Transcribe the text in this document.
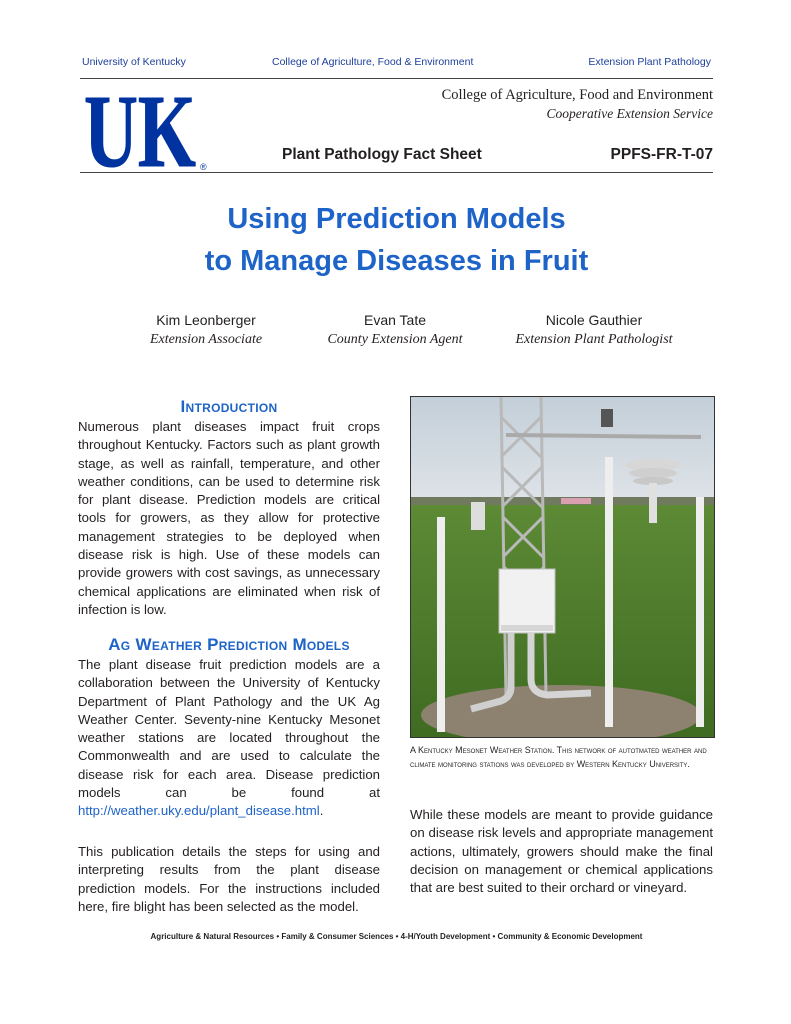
University of Kentucky	College of Agriculture, Food & Environment	Extension Plant Pathology
UK ®
College of Agriculture, Food and Environment
Cooperative Extension Service
Plant Pathology Fact Sheet	PPFS-FR-T-07
Using Prediction Models
to Manage Diseases in Fruit
Kim Leonberger
Extension Associate
Evan Tate
County Extension Agent
Nicole Gauthier
Extension Plant Pathologist
Introduction

Numerous plant diseases impact fruit crops throughout Kentucky. Factors such as plant growth stage, as well as rainfall, temperature, and other weather conditions, can be used to determine risk for plant disease. Prediction models are critical tools for growers, as they allow for protective management strategies to be deployed when disease risk is high. Use of these models can provide growers with cost savings, as unnecessary chemical applications are eliminated when risk of infection is low.

Ag Weather Prediction Models

The plant disease fruit prediction models are a collaboration between the University of Kentucky Department of Plant Pathology and the UK Ag Weather Center. Seventy-nine Kentucky Mesonet weather stations are located throughout the Commonwealth and are used to calculate the disease risk for each area. Disease prediction models can be found at http://weather.uky.edu/plant_disease.html.

This publication details the steps for using and interpreting results from the plant disease prediction models. For the instructions included here, fire blight has been selected as the model.

A Kentucky Mesonet Weather Station. This network of autotmated weather and climate monitoring stations was developed by Western Kentucky University.

While these models are meant to provide guidance on disease risk levels and appropriate management actions, ultimately, growers should make the final decision on management or chemical applications that are best suited to their orchard or vineyard.

Agriculture & Natural Resources • Family & Consumer Sciences • 4-H/Youth Development • Community & Economic Development
